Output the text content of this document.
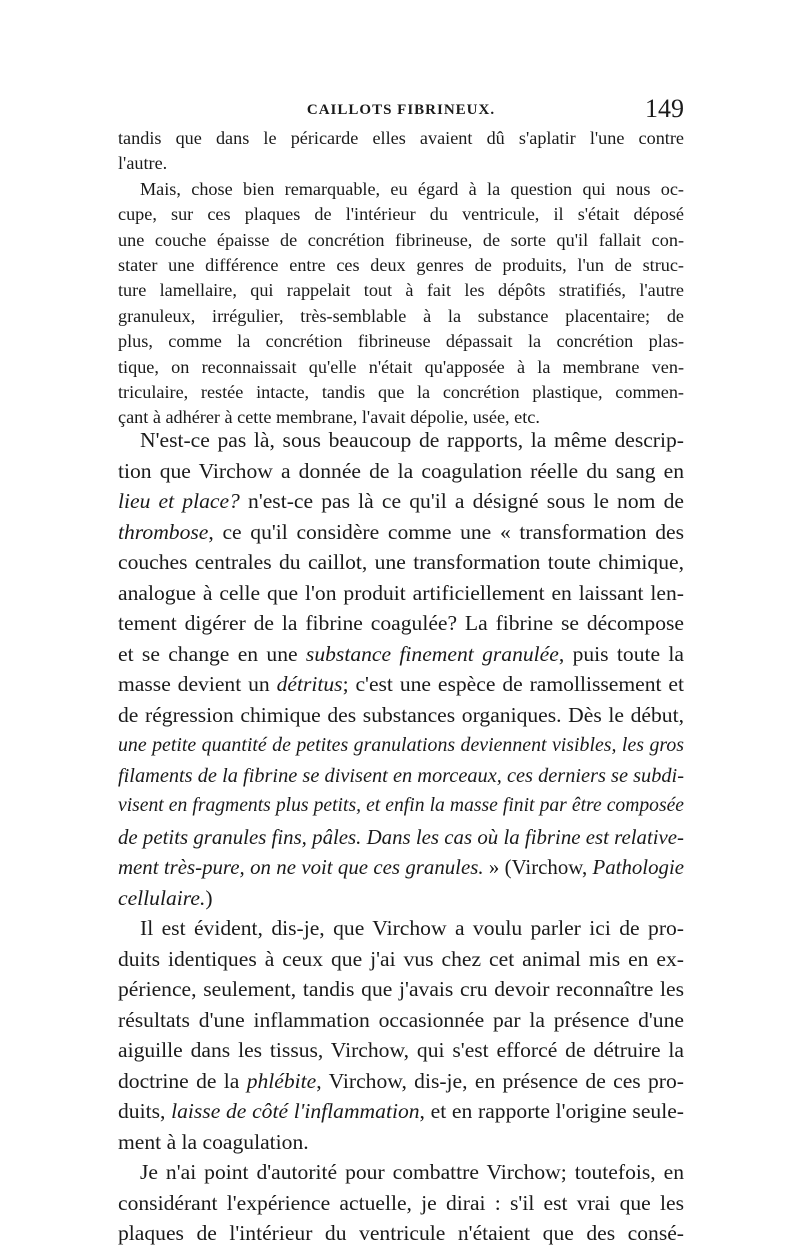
CAILLOTS FIBRINEUX.	149
tandis que dans le péricarde elles avaient dû s'aplatir l'une contre
l'autre.
Mais, chose bien remarquable, eu égard à la question qui nous oc-
cupe, sur ces plaques de l'intérieur du ventricule, il s'était déposé
une couche épaisse de concrétion fibrineuse, de sorte qu'il fallait con-
stater une différence entre ces deux genres de produits, l'un de struc-
ture lamellaire, qui rappelait tout à fait les dépôts stratifiés, l'autre
granuleux, irrégulier, très-semblable à la substance placentaire; de
plus, comme la concrétion fibrineuse dépassait la concrétion plas-
tique, on reconnaissait qu'elle n'était qu'apposée à la membrane ven-
triculaire, restée intacte, tandis que la concrétion plastique, commen-
çant à adhérer à cette membrane, l'avait dépolie, usée, etc.
N'est-ce pas là, sous beaucoup de rapports, la même descrip-
tion que Virchow a donnée de la coagulation réelle du sang en
lieu et place? n'est-ce pas là ce qu'il a désigné sous le nom de
thrombose, ce qu'il considère comme une « transformation des
couches centrales du caillot, une transformation toute chimique,
analogue à celle que l'on produit artificiellement en laissant len-
tement digérer de la fibrine coagulée? La fibrine se décompose
et se change en une substance finement granulée, puis toute la
masse devient un détritus; c'est une espèce de ramollissement et
de régression chimique des substances organiques. Dès le début,
une petite quantité de petites granulations deviennent visibles, les gros
filaments de la fibrine se divisent en morceaux, ces derniers se subdi-
visent en fragments plus petits, et enfin la masse finit par être composée
de petits granules fins, pâles. Dans les cas où la fibrine est relative-
ment très-pure, on ne voit que ces granules. » (Virchow, Pathologie
cellulaire.)
Il est évident, dis-je, que Virchow a voulu parler ici de pro-
duits identiques à ceux que j'ai vus chez cet animal mis en ex-
périence, seulement, tandis que j'avais cru devoir reconnaître les
résultats d'une inflammation occasionnée par la présence d'une
aiguille dans les tissus, Virchow, qui s'est efforcé de détruire la
doctrine de la phlébite, Virchow, dis-je, en présence de ces pro-
duits, laisse de côté l'inflammation, et en rapporte l'origine seule-
ment à la coagulation.
Je n'ai point d'autorité pour combattre Virchow; toutefois, en
considérant l'expérience actuelle, je dirai : s'il est vrai que les
plaques de l'intérieur du ventricule n'étaient que des consé-
